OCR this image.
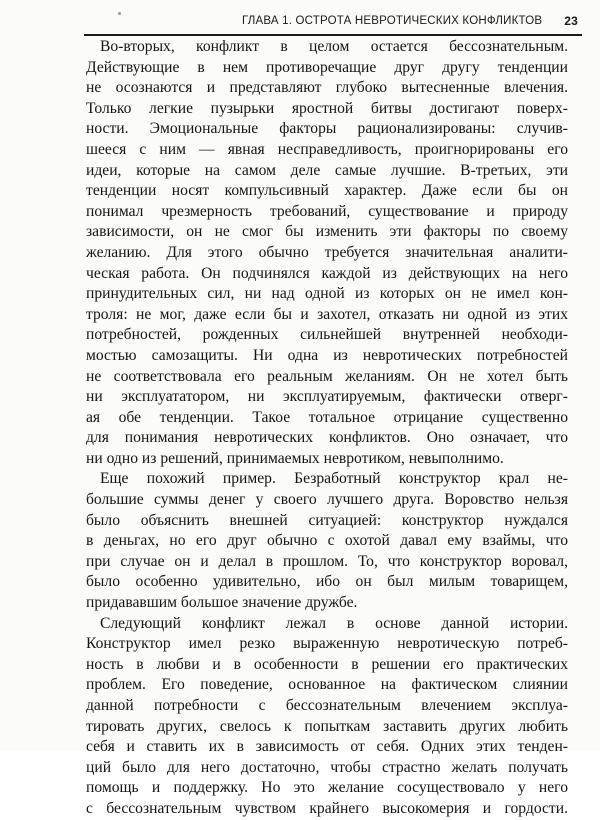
ГЛАВА 1. ОСТРОТА НЕВРОТИЧЕСКИХ КОНФЛИКТОВ 23
Во-вторых, конфликт в целом остается бессознательным.
Действующие в нем противоречащие друг другу тенденции
не осознаются и представляют глубоко вытесненные влечения.
Только легкие пузырьки яростной битвы достигают поверх-
ности. Эмоциональные факторы рационализированы: случив-
шееся с ним — явная несправедливость, проигнорированы его
идеи, которые на самом деле самые лучшие. В-третьих, эти
тенденции носят компульсивный характер. Даже если бы он
понимал чрезмерность требований, существование и природу
зависимости, он не смог бы изменить эти факторы по своему
желанию. Для этого обычно требуется значительная аналити-
ческая работа. Он подчинялся каждой из действующих на него
принудительных сил, ни над одной из которых он не имел кон-
троля: не мог, даже если бы и захотел, отказать ни одной из этих
потребностей, рожденных сильнейшей внутренней необходи-
мостью самозащиты. Ни одна из невротических потребностей
не соответствовала его реальным желаниям. Он не хотел быть
ни эксплуататором, ни эксплуатируемым, фактически отверг-
ая обе тенденции. Такое тотальное отрицание существенно
для понимания невротических конфликтов. Оно означает, что
ни одно из решений, принимаемых невротиком, невыполнимо.
Еще похожий пример. Безработный конструктор крал не-
большие суммы денег у своего лучшего друга. Воровство нельзя
было объяснить внешней ситуацией: конструктор нуждался
в деньгах, но его друг обычно с охотой давал ему взаймы, что
при случае он и делал в прошлом. То, что конструктор воровал,
было особенно удивительно, ибо он был милым товарищем,
придававшим большое значение дружбе.
Следующий конфликт лежал в основе данной истории.
Конструктор имел резко выраженную невротическую потреб-
ность в любви и в особенности в решении его практических
проблем. Его поведение, основанное на фактическом слиянии
данной потребности с бессознательным влечением эксплуа-
тировать других, свелось к попыткам заставить других любить
себя и ставить их в зависимость от себя. Одних этих тенден-
ций было для него достаточно, чтобы страстно желать получать
помощь и поддержку. Но это желание сосуществовало у него
с бессознательным чувством крайнего высокомерия и гордости.
